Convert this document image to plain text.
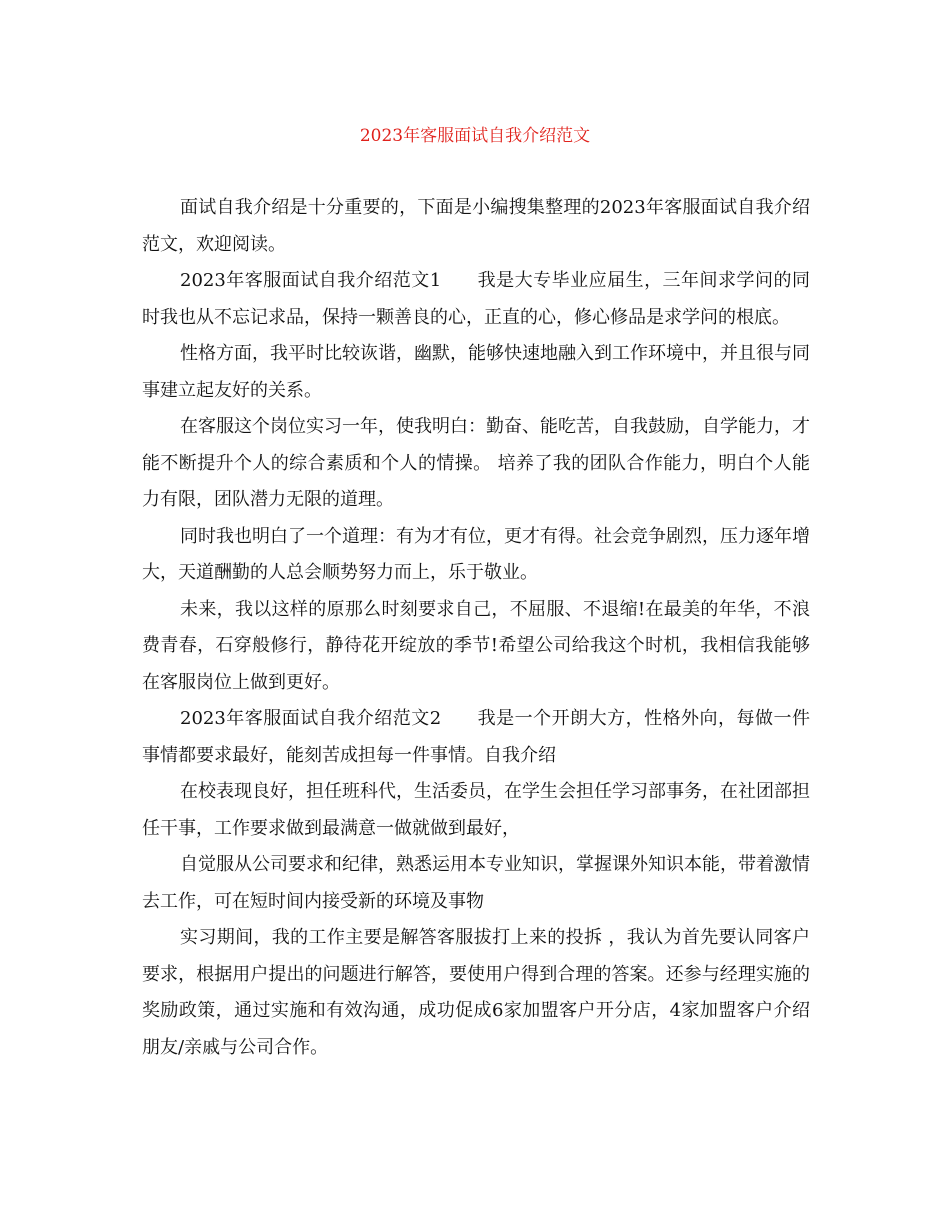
2023年客服面试自我介绍范文

面试自我介绍是十分重要的，下面是小编搜集整理的2023年客服面试自我介绍范文，欢迎阅读。

2023年客服面试自我介绍范文1 我是大专毕业应届生，三年间求学问的同时我也从不忘记求品，保持一颗善良的心，正直的心，修心修品是求学问的根底。

性格方面，我平时比较诙谐，幽默，能够快速地融入到工作环境中，并且很与同事建立起友好的关系。

在客服这个岗位实习一年，使我明白：勤奋、能吃苦，自我鼓励，自学能力，才能不断提升个人的综合素质和个人的情操。 培养了我的团队合作能力，明白个人能力有限，团队潜力无限的道理。

同时我也明白了一个道理：有为才有位，更才有得。社会竞争剧烈，压力逐年增大，天道酬勤的人总会顺势努力而上，乐于敬业。

未来，我以这样的原那么时刻要求自己，不屈服、不退缩!在最美的年华，不浪费青春，石穿般修行，静待花开绽放的季节!希望公司给我这个时机，我相信我能够在客服岗位上做到更好。

2023年客服面试自我介绍范文2 我是一个开朗大方，性格外向，每做一件事情都要求最好，能刻苦成担每一件事情。自我介绍

在校表现良好，担任班科代，生活委员，在学生会担任学习部事务，在社团部担任干事，工作要求做到最满意一做就做到最好，

自觉服从公司要求和纪律，熟悉运用本专业知识，掌握课外知识本能，带着激情去工作，可在短时间内接受新的环境及事物

实习期间，我的工作主要是解答客服拔打上来的投拆 ，我认为首先要认同客户要求，根据用户提出的问题进行解答，要使用户得到合理的答案。还参与经理实施的奖励政策，通过实施和有效沟通，成功促成6家加盟客户开分店，4家加盟客户介绍朋友/亲戚与公司合作。
